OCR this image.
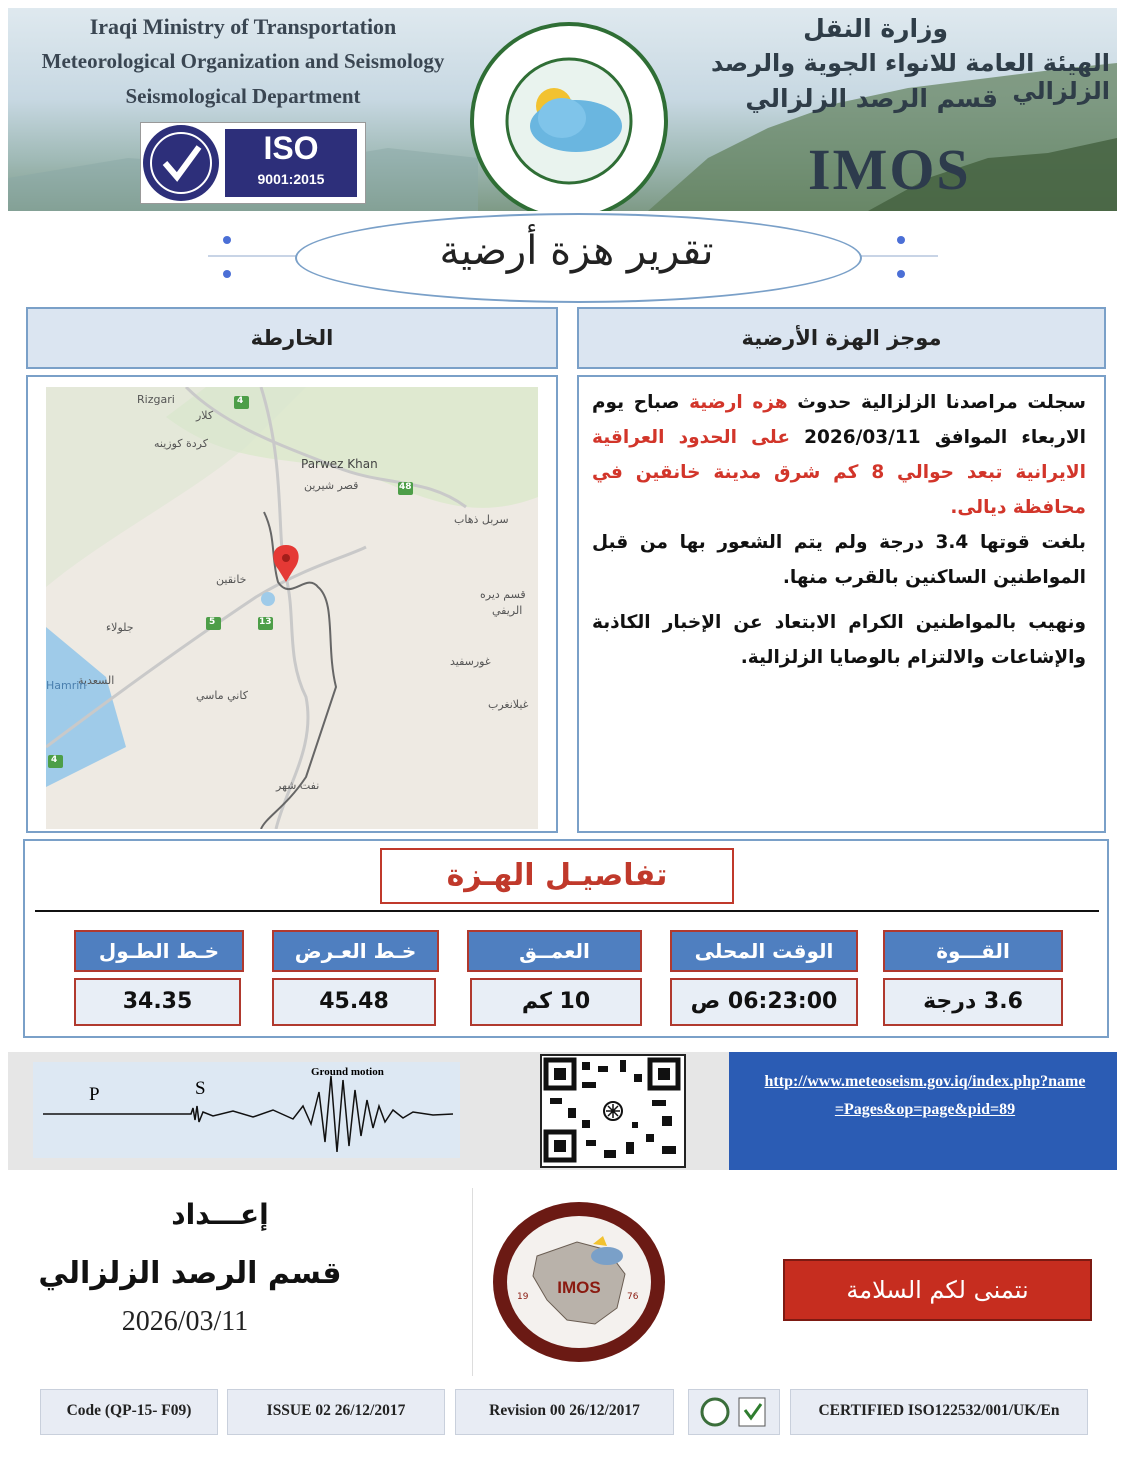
Iraqi Ministry of Transportation
Meteorological Organization and Seismology
Seismological Department
وزارة النقل
الهيئة العامة للانواء الجوية والرصد الزلزالي
قسم الرصد الزلزالي
ISO
9001:2015	IMOS
تقرير هزة أرضية
الخارطة
Rizgari
كلار
كردة كوزينه
Parwez Khan
قصر شيرين
سربل ذهاب
خانقين
قسم ديره
الريفي
جلولاء
غورسفيد
السعدية
كاني ماسي
غيلانغرب
نفت شهر
Hamrin
4
48
5	13
4
موجز الهزة الأرضية
سجلت مراصدنا الزلزالية حدوث هزه ارضية صباح يوم الاربعاء الموافق 2026/03/11 على الحدود العراقية الايرانية تبعد حوالي 8 كم شرق مدينة خانقين في محافظة ديالى.
بلغت قوتها 3.4 درجة ولم يتم الشعور بها من قبل المواطنين الساكنين بالقرب منها.
ونهيب بالمواطنين الكرام الابتعاد عن الإخبار الكاذبة والإشاعات والالتزام بالوصايا الزلزالية.
تفاصيـل الهـزة
القـــوة
3.6 درجة
الوقت المحلى
06:23:00 ص
العمــق
10 كم
خـط العـرض
45.48
خـط الطـول
34.35
P	S
Ground motion
http://www.meteoseism.gov.iq/index.php?name=Pages&op=page&pid=89
إعـــداد
قسم الرصد الزلزالي
2026/03/11
IMOS
19	76	نتمنى لكم السلامة
Code (QP-15- F09)	ISSUE 02 26/12/2017	Revision 00 26/12/2017	CERTIFIED ISO122532/001/UK/En
